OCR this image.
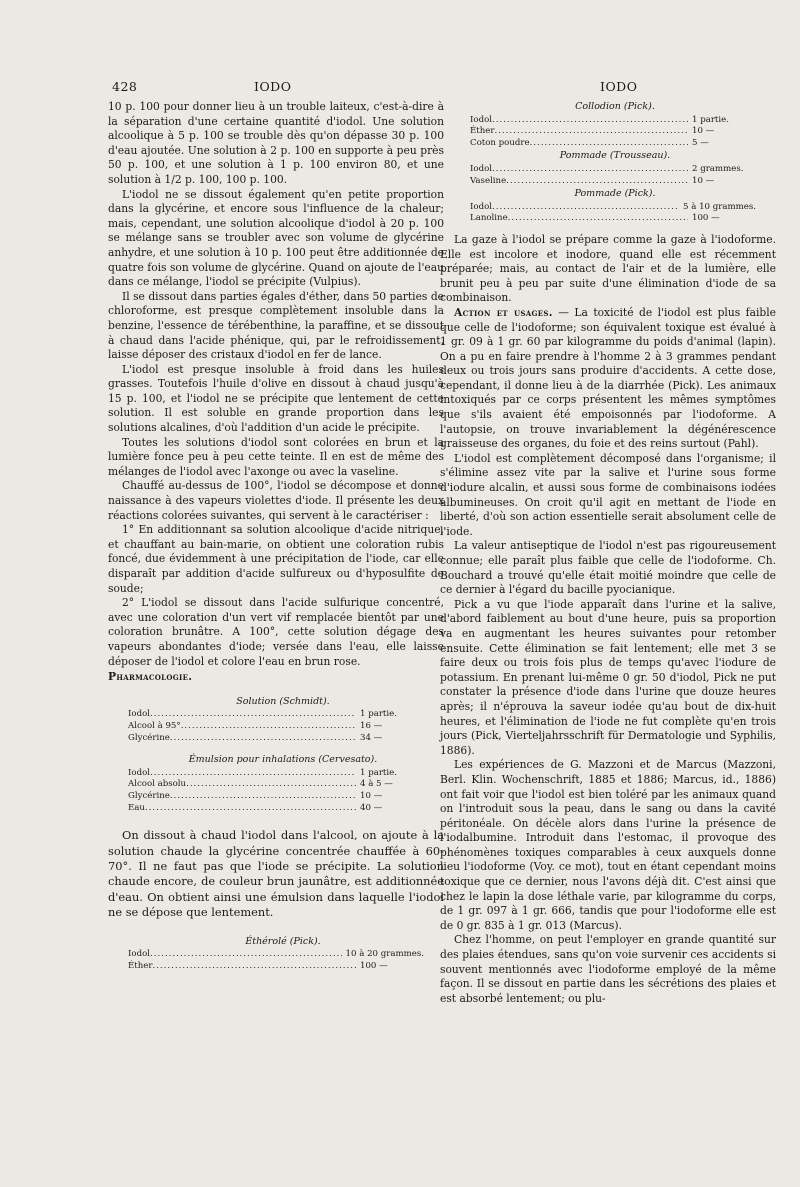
428	IODO	IODO

10 p. 100 pour donner lieu à un trouble laiteux, c'est-à-dire à la séparation d'une certaine quantité d'iodol. Une solution alcoolique à 5 p. 100 se trouble dès qu'on dépasse 30 p. 100 d'eau ajoutée. Une solution à 2 p. 100 en supporte à peu près 50 p. 100, et une solution à 1 p. 100 environ 80, et une solution à 1/2 p. 100, 100 p. 100.

L'iodol ne se dissout également qu'en petite proportion dans la glycérine, et encore sous l'influence de la chaleur; mais, cependant, une solution alcoolique d'iodol à 20 p. 100 se mélange sans se troubler avec son volume de glycérine anhydre, et une solution à 10 p. 100 peut être additionnée de quatre fois son volume de glycérine. Quand on ajoute de l'eau dans ce mélange, l'iodol se précipite (Vulpius).

Il se dissout dans parties égales d'éther, dans 50 parties de chloroforme, est presque complètement insoluble dans la benzine, l'essence de térébenthine, la paraffine, et se dissout à chaud dans l'acide phénique, qui, par le refroidissement, laisse déposer des cristaux d'iodol en fer de lance.

L'iodol est presque insoluble à froid dans les huiles grasses. Toutefois l'huile d'olive en dissout à chaud jusqu'à 15 p. 100, et l'iodol ne se précipite que lentement de cette solution. Il est soluble en grande proportion dans les solutions alcalines, d'où l'addition d'un acide le précipite.

Toutes les solutions d'iodol sont colorées en brun et la lumière fonce peu à peu cette teinte. Il en est de même des mélanges de l'iodol avec l'axonge ou avec la vaseline.

Chauffé au-dessus de 100°, l'iodol se décompose et donne naissance à des vapeurs violettes d'iode. Il présente les deux réactions colorées suivantes, qui servent à le caractériser :

1° En additionnant sa solution alcoolique d'acide nitrique, et chauffant au bain-marie, on obtient une coloration rubis foncé, due évidemment à une précipitation de l'iode, car elle disparaît par addition d'acide sulfureux ou d'hyposulfite de soude;

2° L'iodol se dissout dans l'acide sulfurique concentré, avec une coloration d'un vert vif remplacée bientôt par une coloration brunâtre. A 100°, cette solution dégage des vapeurs abondantes d'iode; versée dans l'eau, elle laisse déposer de l'iodol et colore l'eau en brun rose.

Pharmacologie.

Solution (Schmidt).

Iodol .....	1 partie.
Alcool à 95° .....	16 —
Glycérine .....	34 —

Émulsion pour inhalations (Cervesato).

Iodol .....	1 partie.
Alcool absolu .....	4 à 5 —
Glycérine .....	10 —
Eau .....	40 —

On dissout à chaud l'iodol dans l'alcool, on ajoute à la solution chaude la glycérine concentrée chauffée à 60-70°. Il ne faut pas que l'iode se précipite. La solution chaude encore, de couleur brun jaunâtre, est additionnée d'eau. On obtient ainsi une émulsion dans laquelle l'iodol ne se dépose que lentement.

Éthérolé (Pick).

Iodol .....	10 à 20 grammes.
Éther .....	100 —

Collodion (Pick).

Iodol .....	1 partie.
Éther .....	10 —
Coton poudre .....	5 —

Pommade (Trousseau).

Iodol .....	2 grammes.
Vaseline .....	10 —

Pommade (Pick).

Iodol .....	5 à 10 grammes.
Lanoline .....	100 —

La gaze à l'iodol se prépare comme la gaze à l'iodoforme. Elle est incolore et inodore, quand elle est récemment préparée; mais, au contact de l'air et de la lumière, elle brunit peu à peu par suite d'une élimination d'iode de sa combinaison.

Action et usages. — La toxicité de l'iodol est plus faible que celle de l'iodoforme; son équivalent toxique est évalué à 1 gr. 09 à 1 gr. 60 par kilogramme du poids d'animal (lapin). On a pu en faire prendre à l'homme 2 à 3 grammes pendant deux ou trois jours sans produire d'accidents. A cette dose, cependant, il donne lieu à de la diarrhée (Pick). Les animaux intoxiqués par ce corps présentent les mêmes symptômes que s'ils avaient été empoisonnés par l'iodoforme. A l'autopsie, on trouve invariablement la dégénérescence graisseuse des organes, du foie et des reins surtout (Pahl).

L'iodol est complètement décomposé dans l'organisme; il s'élimine assez vite par la salive et l'urine sous forme d'iodure alcalin, et aussi sous forme de combinaisons iodées albumineuses. On croit qu'il agit en mettant de l'iode en liberté, d'où son action essentielle serait absolument celle de l'iode.

La valeur antiseptique de l'iodol n'est pas rigoureusement connue; elle paraît plus faible que celle de l'iodoforme. Ch. Bouchard a trouvé qu'elle était moitié moindre que celle de ce dernier à l'égard du bacille pyocianique.

Pick a vu que l'iode apparaît dans l'urine et la salive, d'abord faiblement au bout d'une heure, puis sa proportion va en augmentant les heures suivantes pour retomber ensuite. Cette élimination se fait lentement; elle met 3 se faire deux ou trois fois plus de temps qu'avec l'iodure de potassium. En prenant lui-même 0 gr. 50 d'iodol, Pick ne put constater la présence d'iode dans l'urine que douze heures après; il n'éprouva la saveur iodée qu'au bout de dix-huit heures, et l'élimination de l'iode ne fut complète qu'en trois jours (Pick, Vierteljahrsschrift für Dermatologie und Syphilis, 1886).

Les expériences de G. Mazzoni et de Marcus (Mazzoni, Berl. Klin. Wochenschrift, 1885 et 1886; Marcus, id., 1886) ont fait voir que l'iodol est bien toléré par les animaux quand on l'introduit sous la peau, dans le sang ou dans la cavité péritonéale. On décèle alors dans l'urine la présence de l'iodalbumine. Introduit dans l'estomac, il provoque des phénomènes toxiques comparables à ceux auxquels donne lieu l'iodoforme (Voy. ce mot), tout en étant cependant moins toxique que ce dernier, nous l'avons déjà dit. C'est ainsi que chez le lapin la dose léthale varie, par kilogramme du corps, de 1 gr. 097 à 1 gr. 666, tandis que pour l'iodoforme elle est de 0 gr. 835 à 1 gr. 013 (Marcus).

Chez l'homme, on peut l'employer en grande quantité sur des plaies étendues, sans qu'on voie survenir ces accidents si souvent mentionnés avec l'iodoforme employé de la même façon. Il se dissout en partie dans les sécrétions des plaies et est absorbé lentement; ou plu-
